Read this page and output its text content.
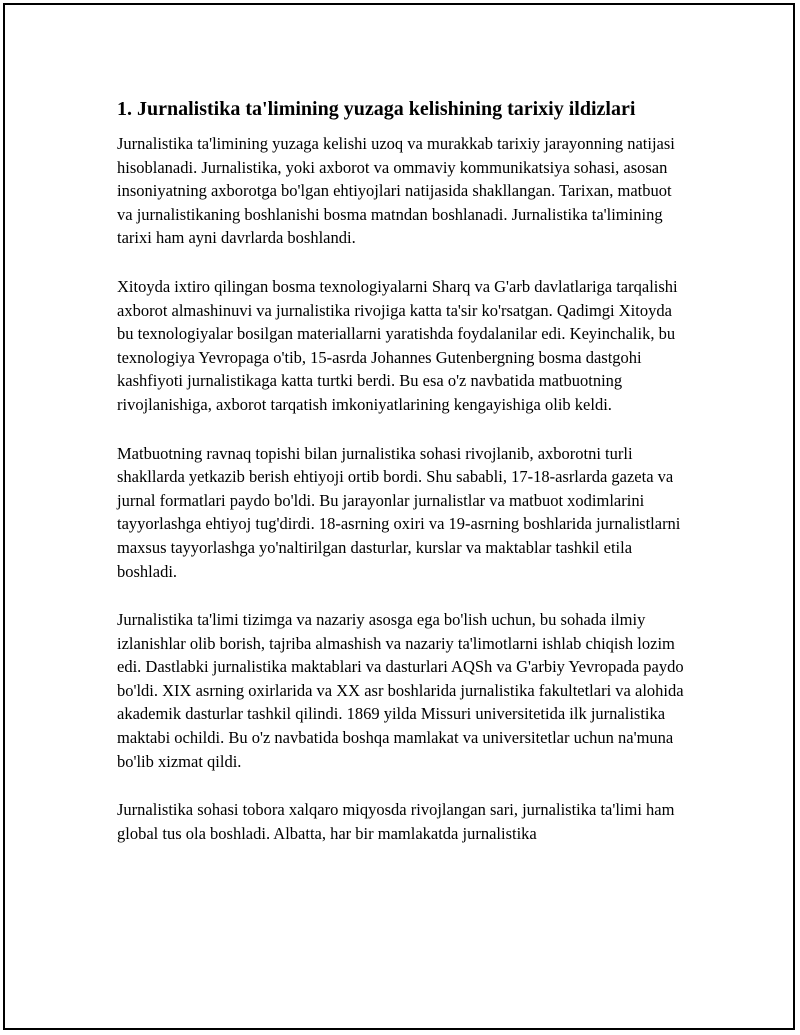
1. Jurnalistika ta'limining yuzaga kelishining tarixiy ildizlari

Jurnalistika ta'limining yuzaga kelishi uzoq va murakkab tarixiy jarayonning natijasi hisoblanadi. Jurnalistika, yoki axborot va ommaviy kommunikatsiya sohasi, asosan insoniyatning axborotga bo'lgan ehtiyojlari natijasida shakllangan. Tarixan, matbuot va jurnalistikaning boshlanishi bosma matndan boshlanadi. Jurnalistika ta'limining tarixi ham ayni davrlarda boshlandi.

Xitoyda ixtiro qilingan bosma texnologiyalarni Sharq va G'arb davlatlariga tarqalishi axborot almashinuvi va jurnalistika rivojiga katta ta'sir ko'rsatgan. Qadimgi Xitoyda bu texnologiyalar bosilgan materiallarni yaratishda foydalanilar edi. Keyinchalik, bu texnologiya Yevropaga o'tib, 15-asrda Johannes Gutenbergning bosma dastgohi kashfiyoti jurnalistikaga katta turtki berdi. Bu esa o'z navbatida matbuotning rivojlanishiga, axborot tarqatish imkoniyatlarining kengayishiga olib keldi.

Matbuotning ravnaq topishi bilan jurnalistika sohasi rivojlanib, axborotni turli shakllarda yetkazib berish ehtiyoji ortib bordi. Shu sababli, 17-18-asrlarda gazeta va jurnal formatlari paydo bo'ldi. Bu jarayonlar jurnalistlar va matbuot xodimlarini tayyorlashga ehtiyoj tug'dirdi. 18-asrning oxiri va 19-asrning boshlarida jurnalistlarni maxsus tayyorlashga yo'naltirilgan dasturlar, kurslar va maktablar tashkil etila boshladi.

Jurnalistika ta'limi tizimga va nazariy asosga ega bo'lish uchun, bu sohada ilmiy izlanishlar olib borish, tajriba almashish va nazariy ta'limotlarni ishlab chiqish lozim edi. Dastlabki jurnalistika maktablari va dasturlari AQSh va G'arbiy Yevropada paydo bo'ldi. XIX asrning oxirlarida va XX asr boshlarida jurnalistika fakultetlari va alohida akademik dasturlar tashkil qilindi. 1869 yilda Missuri universitetida ilk jurnalistika maktabi ochildi. Bu o'z navbatida boshqa mamlakat va universitetlar uchun na'muna bo'lib xizmat qildi.

Jurnalistika sohasi tobora xalqaro miqyosda rivojlangan sari, jurnalistika ta'limi ham global tus ola boshladi. Albatta, har bir mamlakatda jurnalistika
